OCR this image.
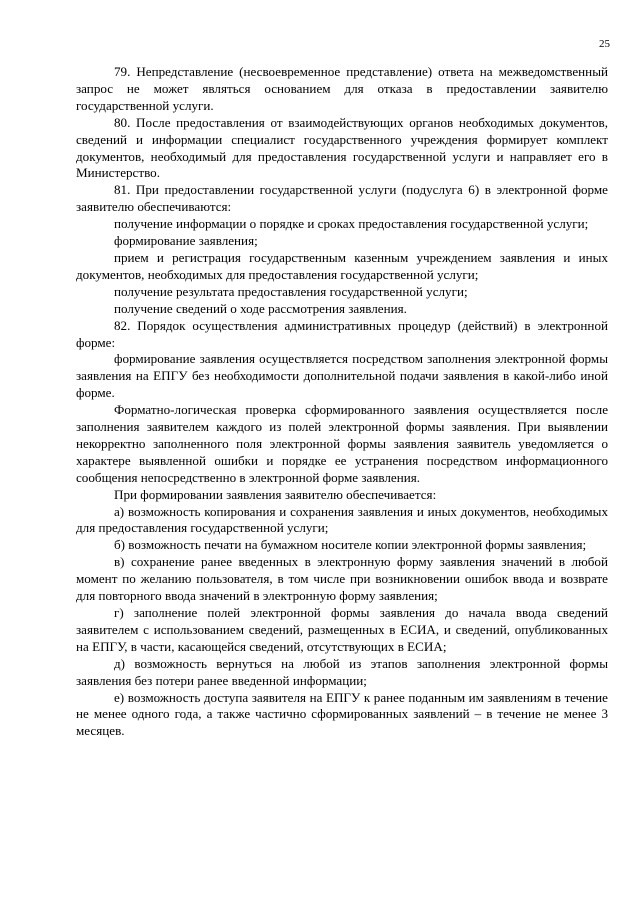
25

79. Непредставление (несвоевременное представление) ответа на межведомственный запрос не может являться основанием для отказа в предоставлении заявителю государственной услуги.

80. После предоставления от взаимодействующих органов необходимых документов, сведений и информации специалист государственного учреждения формирует комплект документов, необходимый для предоставления государственной услуги и направляет его в Министерство.

81. При предоставлении государственной услуги (подуслуга 6) в электронной форме заявителю обеспечиваются:

получение информации о порядке и сроках предоставления государственной услуги;

формирование заявления;

прием и регистрация государственным казенным учреждением заявления и иных документов, необходимых для предоставления государственной услуги;

получение результата предоставления государственной услуги;

получение сведений о ходе рассмотрения заявления.

82. Порядок осуществления административных процедур (действий) в электронной форме:

формирование заявления осуществляется посредством заполнения электронной формы заявления на ЕПГУ без необходимости дополнительной подачи заявления в какой-либо иной форме.

Форматно-логическая проверка сформированного заявления осуществляется после заполнения заявителем каждого из полей электронной формы заявления. При выявлении некорректно заполненного поля электронной формы заявления заявитель уведомляется о характере выявленной ошибки и порядке ее устранения посредством информационного сообщения непосредственно в электронной форме заявления.

При формировании заявления заявителю обеспечивается:

а) возможность копирования и сохранения заявления и иных документов, необходимых для предоставления государственной услуги;

б) возможность печати на бумажном носителе копии электронной формы заявления;

в) сохранение ранее введенных в электронную форму заявления значений в любой момент по желанию пользователя, в том числе при возникновении ошибок ввода и возврате для повторного ввода значений в электронную форму заявления;

г) заполнение полей электронной формы заявления до начала ввода сведений заявителем с использованием сведений, размещенных в ЕСИА, и сведений, опубликованных на ЕПГУ, в части, касающейся сведений, отсутствующих в ЕСИА;

д) возможность вернуться на любой из этапов заполнения электронной формы заявления без потери ранее введенной информации;

е) возможность доступа заявителя на ЕПГУ к ранее поданным им заявлениям в течение не менее одного года, а также частично сформированных заявлений – в течение не менее 3 месяцев.
